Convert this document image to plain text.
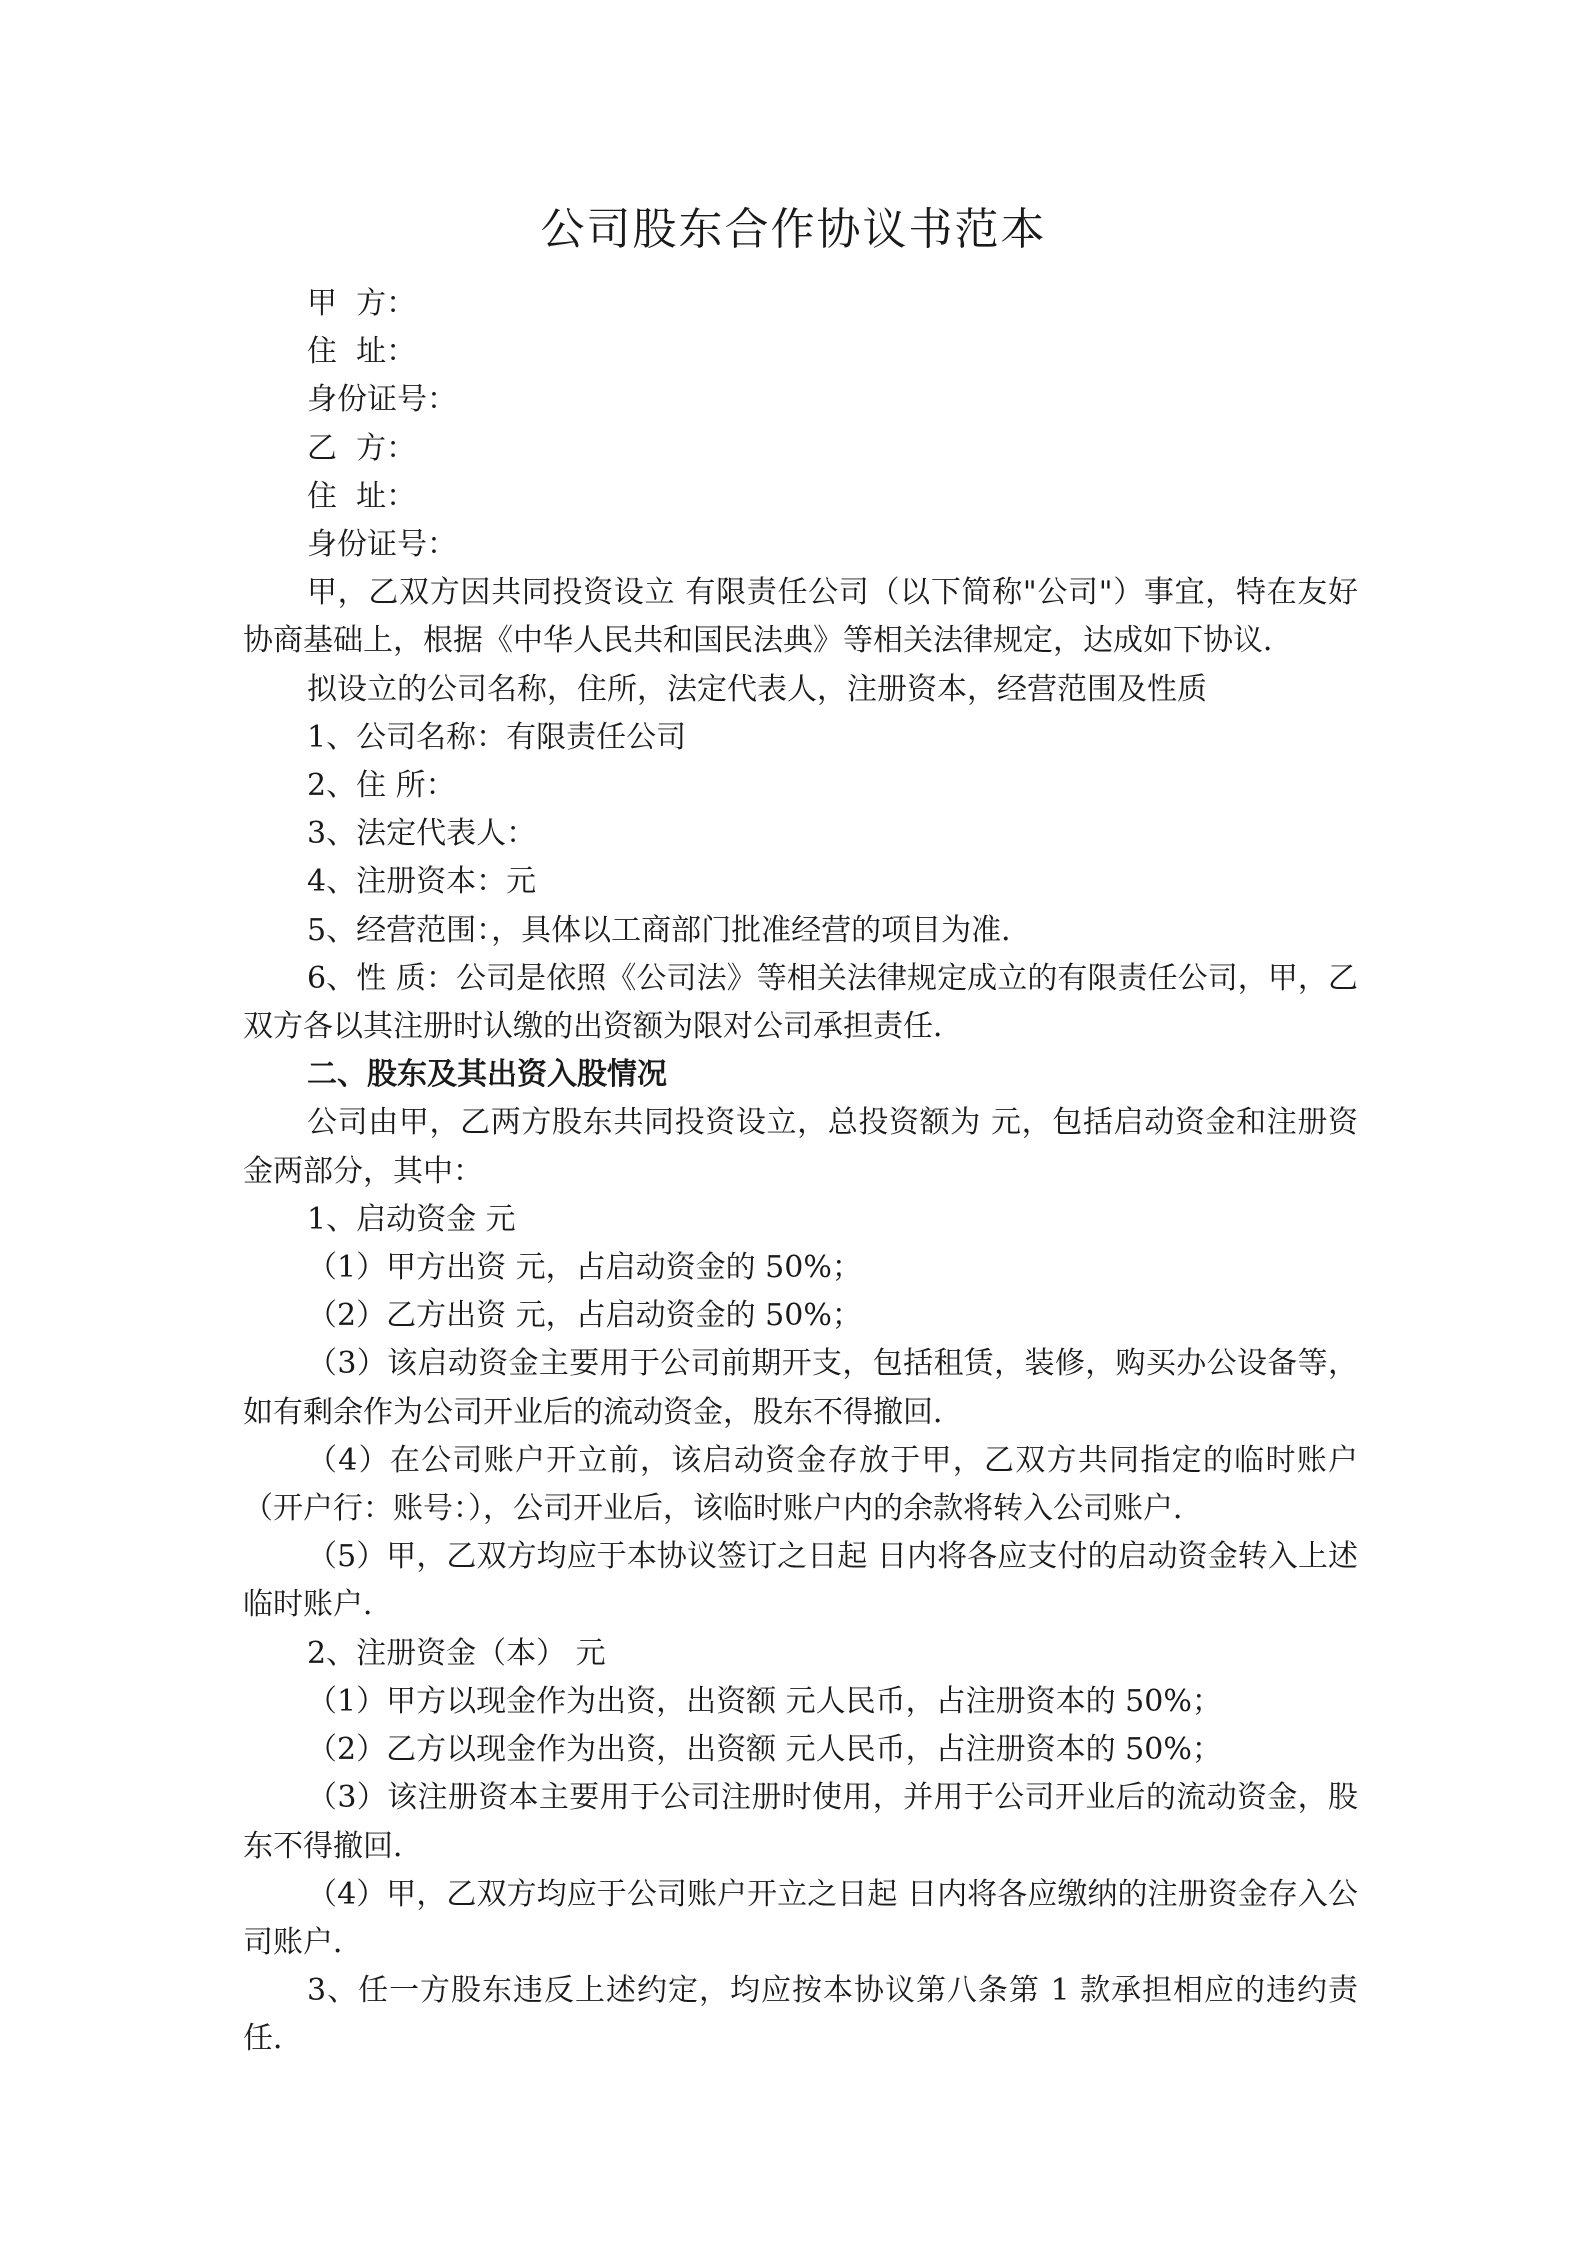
公司股东合作协议书范本

甲  方：

住  址：

身份证号：

乙  方：

住  址：

身份证号：

甲，乙双方因共同投资设立 有限责任公司（以下简称"公司"）事宜，特在友好协商基础上，根据《中华人民共和国民法典》等相关法律规定，达成如下协议．

拟设立的公司名称，住所，法定代表人，注册资本，经营范围及性质

1、公司名称：有限责任公司

2、住 所：

3、法定代表人：

4、注册资本：元

5、经营范围：，具体以工商部门批准经营的项目为准．

6、性 质：公司是依照《公司法》等相关法律规定成立的有限责任公司，甲，乙双方各以其注册时认缴的出资额为限对公司承担责任．

二、股东及其出资入股情况

公司由甲，乙两方股东共同投资设立，总投资额为 元，包括启动资金和注册资金两部分，其中：

1、启动资金 元

（1）甲方出资 元，占启动资金的 50%；

（2）乙方出资 元，占启动资金的 50%；

（3）该启动资金主要用于公司前期开支，包括租赁，装修，购买办公设备等，如有剩余作为公司开业后的流动资金，股东不得撤回．

（4）在公司账户开立前，该启动资金存放于甲，乙双方共同指定的临时账户（开户行：账号：），公司开业后，该临时账户内的余款将转入公司账户．

（5）甲，乙双方均应于本协议签订之日起 日内将各应支付的启动资金转入上述临时账户．

2、注册资金（本） 元

（1）甲方以现金作为出资，出资额 元人民币，占注册资本的 50%；

（2）乙方以现金作为出资，出资额 元人民币，占注册资本的 50%；

（3）该注册资本主要用于公司注册时使用，并用于公司开业后的流动资金，股东不得撤回．

（4）甲，乙双方均应于公司账户开立之日起 日内将各应缴纳的注册资金存入公司账户．

3、任一方股东违反上述约定，均应按本协议第八条第 1 款承担相应的违约责任．
